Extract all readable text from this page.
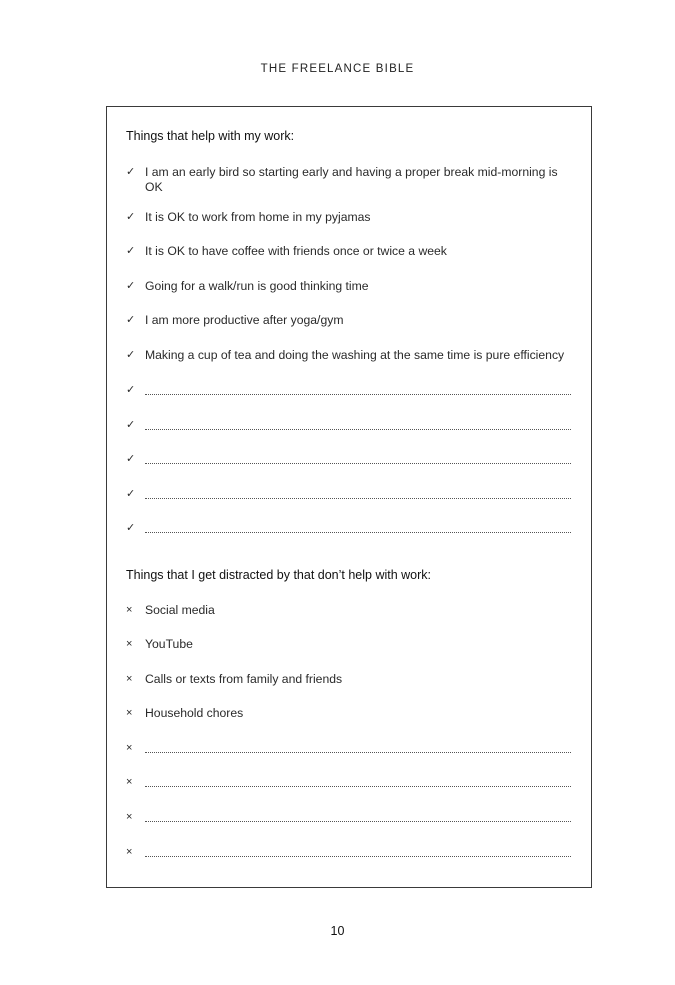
THE FREELANCE BIBLE
Things that help with my work:
✓ I am an early bird so starting early and having a proper break mid-morning is OK
✓ It is OK to work from home in my pyjamas
✓ It is OK to have coffee with friends once or twice a week
✓ Going for a walk/run is good thinking time
✓ I am more productive after yoga/gym
✓ Making a cup of tea and doing the washing at the same time is pure efficiency
✓
✓
✓
✓
✓
Things that I get distracted by that don’t help with work:
×	Social media
×	YouTube
×	Calls or texts from family and friends
×	Household chores
×
×
×
×
10
